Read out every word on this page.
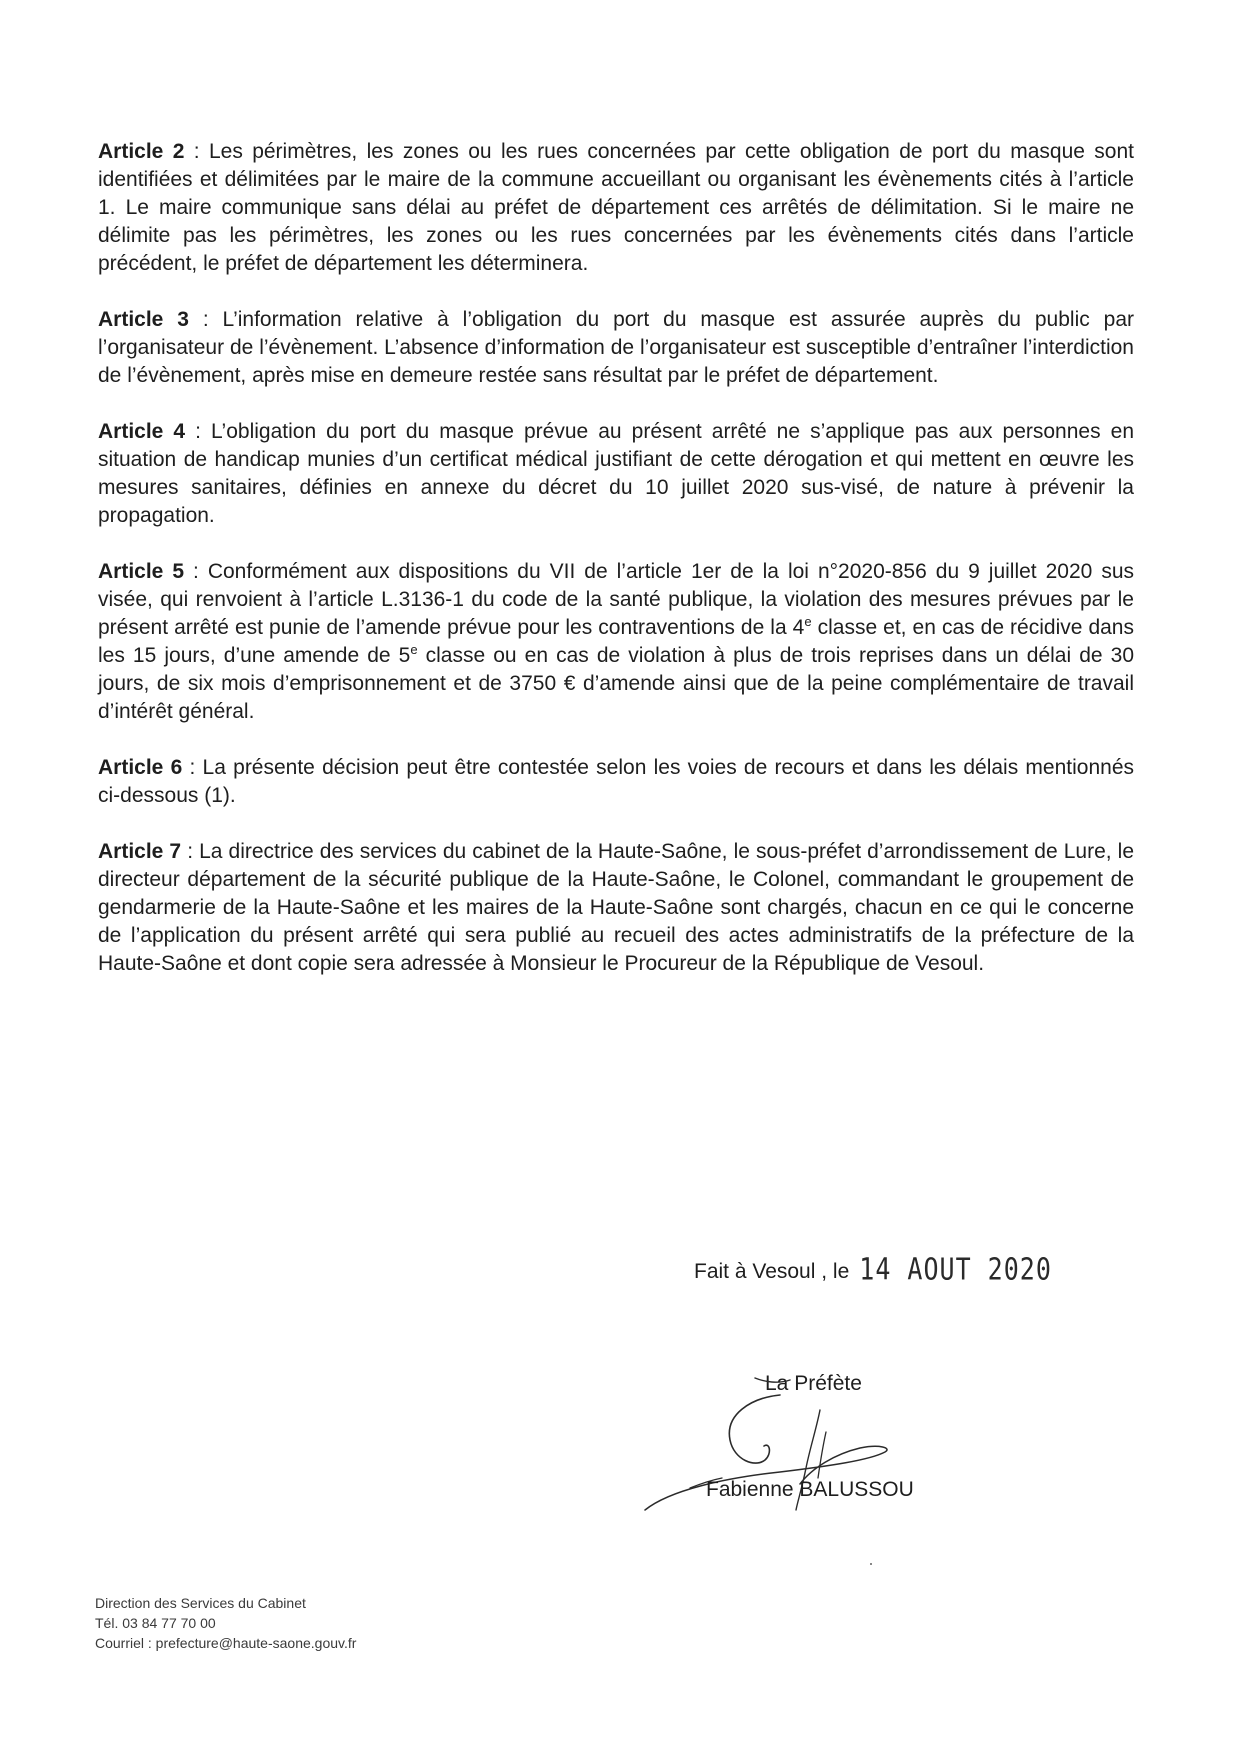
Article 2 : Les périmètres, les zones ou les rues concernées par cette obligation de port du masque sont identifiées et délimitées par le maire de la commune accueillant ou organisant les évènements cités à l’article 1. Le maire communique sans délai au préfet de département ces arrêtés de délimitation. Si le maire ne délimite pas les périmètres, les zones ou les rues concernées par les évènements cités dans l’article précédent, le préfet de département les déterminera.

Article 3 : L’information relative à l’obligation du port du masque est assurée auprès du public par l’organisateur de l’évènement. L’absence d’information de l’organisateur est susceptible d’entraîner l’interdiction de l’évènement, après mise en demeure restée sans résultat par le préfet de département.

Article 4 : L’obligation du port du masque prévue au présent arrêté ne s’applique pas aux personnes en situation de handicap munies d’un certificat médical justifiant de cette dérogation et qui mettent en œuvre les mesures sanitaires, définies en annexe du décret du 10 juillet 2020 sus-visé, de nature à prévenir la propagation.

Article 5 : Conformément aux dispositions du VII de l’article 1er de la loi n°2020-856 du 9 juillet 2020 sus visée, qui renvoient à l’article L.3136-1 du code de la santé publique, la violation des mesures prévues par le présent arrêté est punie de l’amende prévue pour les contraventions de la 4e classe et, en cas de récidive dans les 15 jours, d’une amende de 5e classe ou en cas de violation à plus de trois reprises dans un délai de 30 jours, de six mois d’emprisonnement et de 3750 € d’amende ainsi que de la peine complémentaire de travail d’intérêt général.

Article 6 : La présente décision peut être contestée selon les voies de recours et dans les délais mentionnés ci-dessous (1).

Article 7 : La directrice des services du cabinet de la Haute-Saône, le sous-préfet d’arrondissement de Lure, le directeur département de la sécurité publique de la Haute-Saône, le Colonel, commandant le groupement de gendarmerie de la Haute-Saône et les maires de la Haute-Saône sont chargés, chacun en ce qui le concerne de l’application du présent arrêté qui sera publié au recueil des actes administratifs de la préfecture de la Haute-Saône et dont copie sera adressée à Monsieur le Procureur de la République de Vesoul.

Fait à Vesoul , le 14 AOUT 2020
La Préfète
Fabienne BALUSSOU
Direction des Services du Cabinet
Tél. 03 84 77 70 00
Courriel : prefecture@haute-saone.gouv.fr
